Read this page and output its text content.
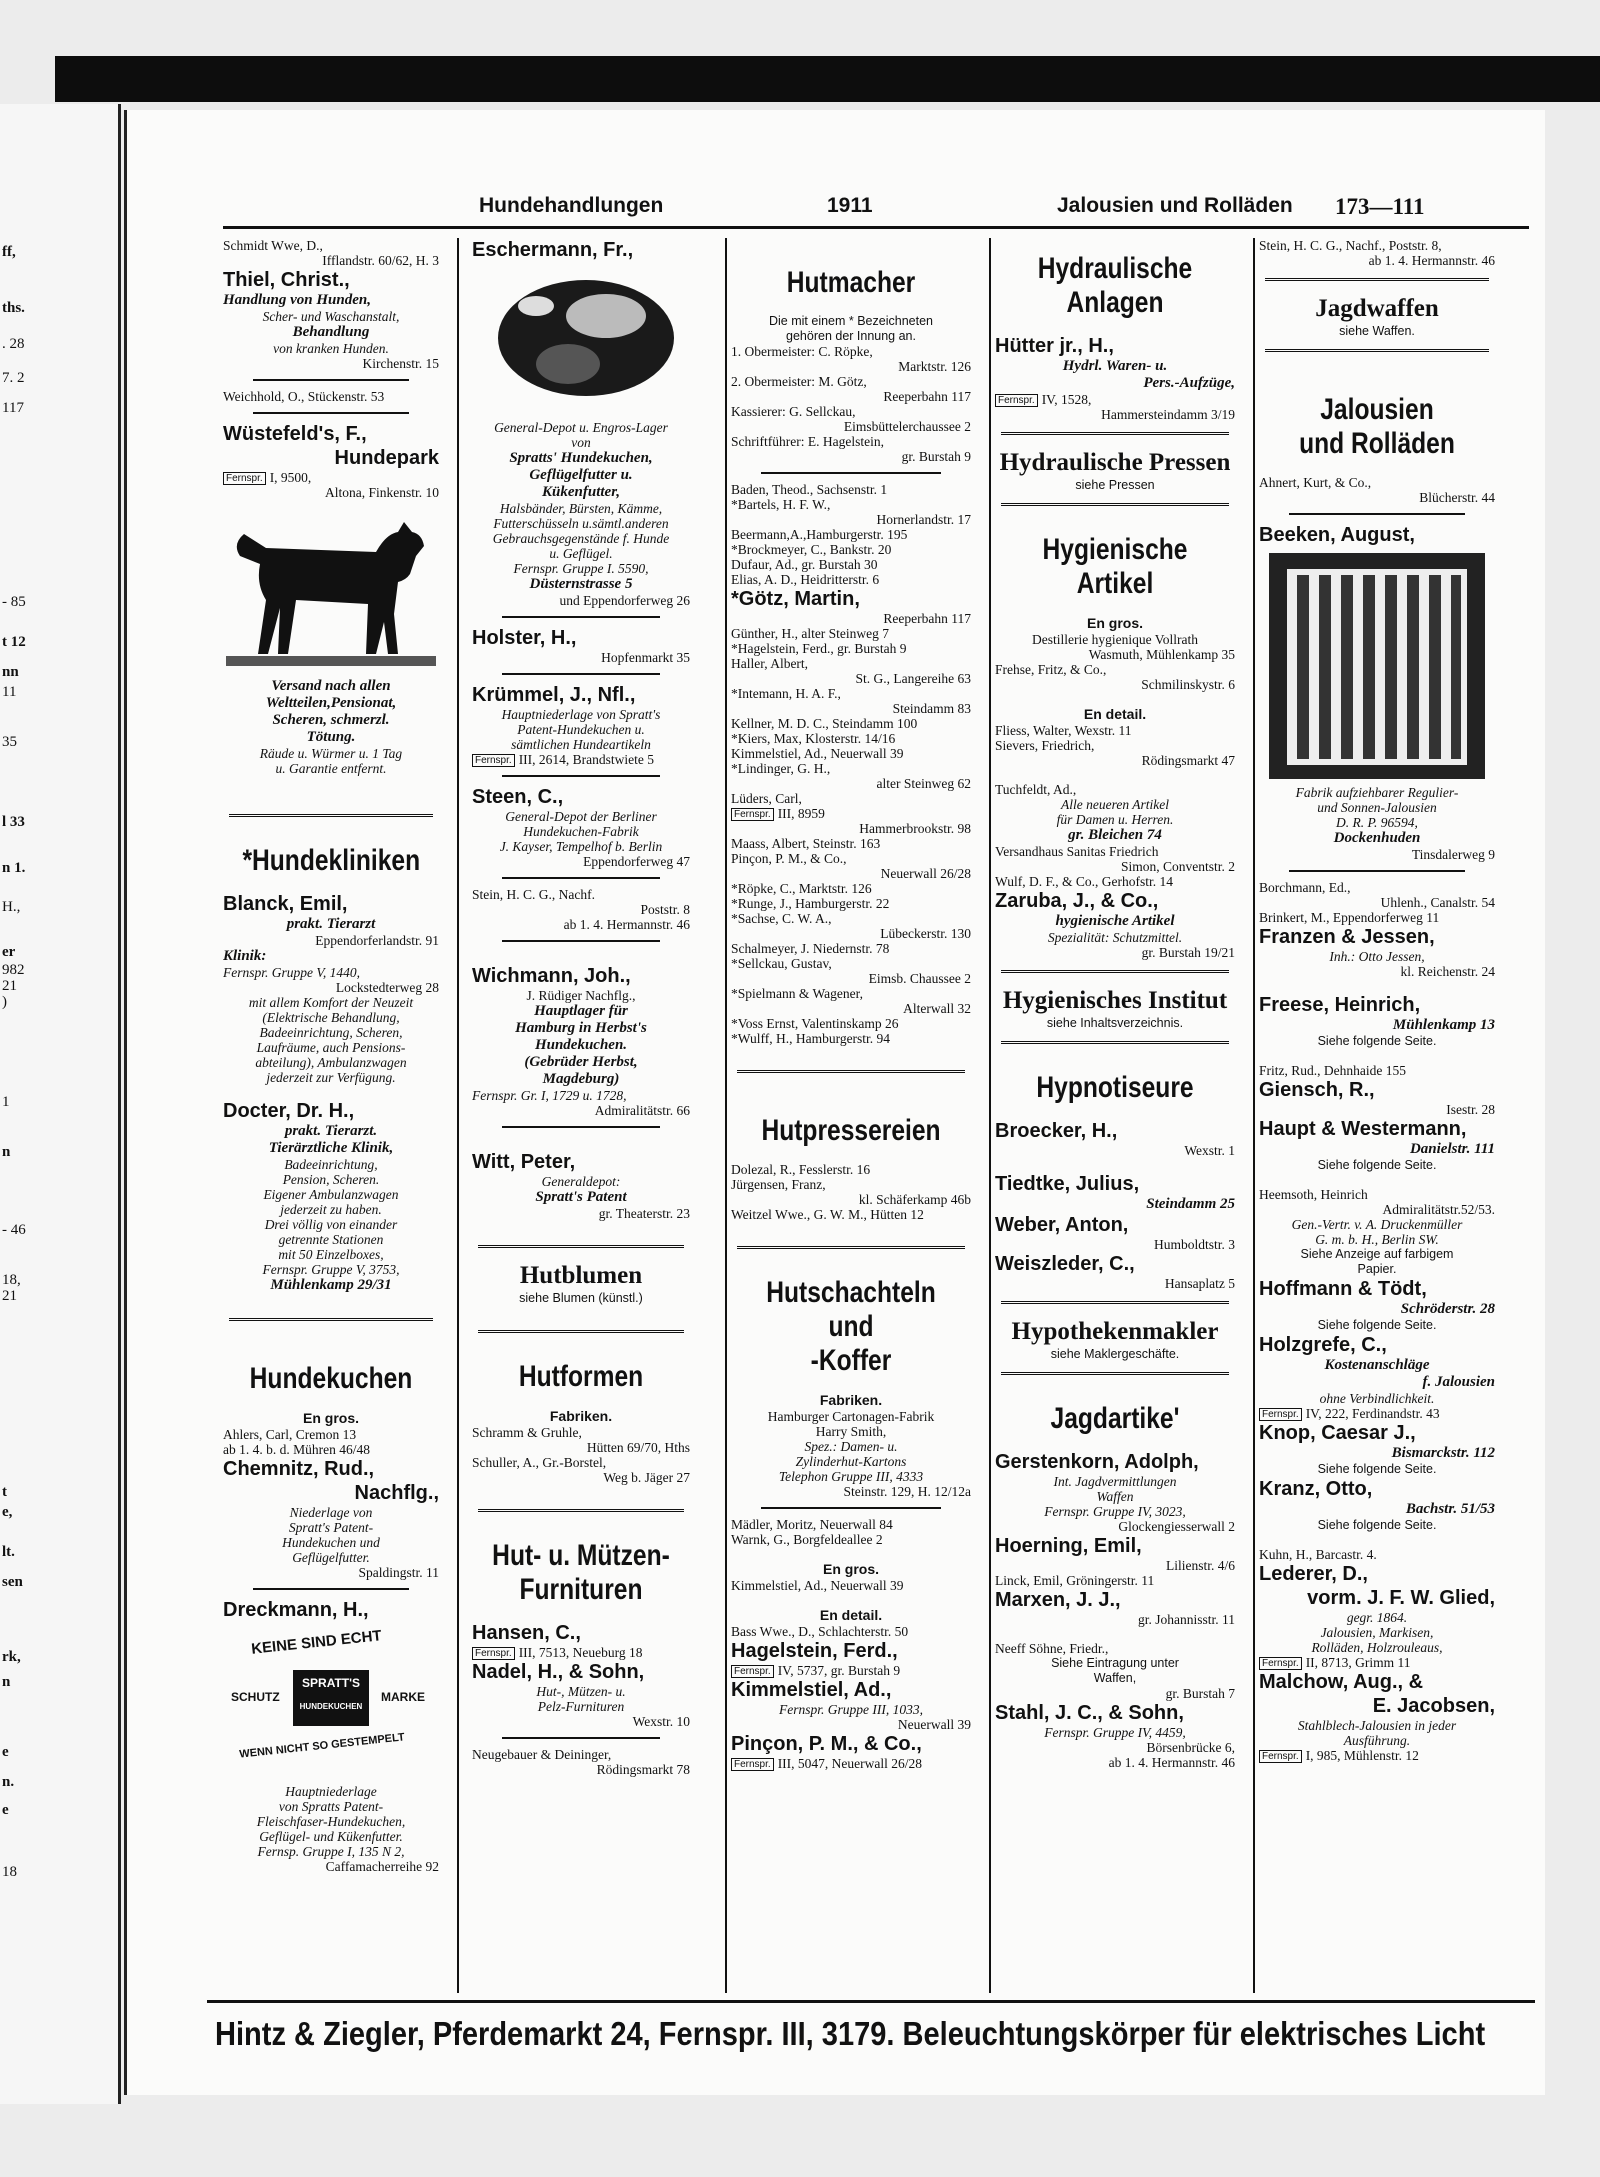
ff,
ths.
. 28
7. 2
117
- 85
t 12
nn
11
35
l 33
n 1.
H.,
er
982
21
)
1
n
- 46
18,
21
t
e,
lt.
sen
rk,
n
e
n.
e
18
Hundehandlungen	1911	Jalousien und Rolläden 173—111
Schmidt Wwe, D.,
Ifflandstr. 60/62, H. 3
Thiel, Christ.,
Handlung von Hunden,
Scher- und Waschanstalt,
Behandlung
von kranken Hunden.
Kirchenstr. 15
Weichhold, O., Stückenstr. 53
Wüstefeld's, F.,
Hundepark
Fernspr. I, 9500,
Altona, Finkenstr. 10
Versand nach allen
Weltteilen,Pensionat,
Scheren, schmerzl.
Tötung.
Räude u. Würmer u. 1 Tag
u. Garantie entfernt.
*Hundekliniken
Blanck, Emil,
prakt. Tierarzt
Eppendorferlandstr. 91
Klinik:
Fernspr. Gruppe V, 1440,
Lockstedterweg 28
mit allem Komfort der Neuzeit
(Elektrische Behandlung,
Badeeinrichtung, Scheren,
Laufräume, auch Pensions-
abteilung), Ambulanzwagen
jederzeit zur Verfügung.
Docter, Dr. H.,
prakt. Tierarzt.
Tierärztliche Klinik,
Badeeinrichtung,
Pension, Scheren.
Eigener Ambulanzwagen
jederzeit zu haben.
Drei völlig von einander
getrennte Stationen
mit 50 Einzelboxes,
Fernspr. Gruppe V, 3753,
Mühlenkamp 29/31
Hundekuchen
En gros.
Ahlers, Carl, Cremon 13
ab 1. 4. b. d. Mühren 46/48
Chemnitz, Rud.,
Nachflg.,
Niederlage von
Spratt's Patent-
Hundekuchen und
Geflügelfutter.
Spaldingstr. 11
Dreckmann, H.,
KEINE SIND ECHT
SCHUTZ
SPRATT'S
MARKE
WENN NICHT SO GESTEMPELT
HUNDEKUCHEN
Hauptniederlage
von Spratts Patent-
Fleischfaser-Hundekuchen,
Geflügel- und Kükenfutter.
Fernsp. Gruppe I, 135 N 2,
Caffamacherreihe 92
Eschermann, Fr.,
General-Depot u. Engros-Lager
von
Spratts' Hundekuchen,
Geflügelfutter u.
Kükenfutter,
Halsbänder, Bürsten, Kämme,
Futterschüsseln u.sämtl.anderen
Gebrauchsgegenstände f. Hunde
u. Geflügel.
Fernspr. Gruppe I. 5590,
Düsternstrasse 5
und Eppendorferweg 26
Holster, H.,
Hopfenmarkt 35
Krümmel, J., Nfl.,
Hauptniederlage von Spratt's
Patent-Hundekuchen u.
sämtlichen Hundeartikeln
Fernspr. III, 2614, Brandstwiete 5
Steen, C.,
General-Depot der Berliner
Hundekuchen-Fabrik
J. Kayser, Tempelhof b. Berlin
Eppendorferweg 47
Stein, H. C. G., Nachf.
Poststr. 8
ab 1. 4. Hermannstr. 46
Wichmann, Joh.,
J. Rüdiger Nachflg.,
Hauptlager für
Hamburg in Herbst's
Hundekuchen.
(Gebrüder Herbst,
Magdeburg)
Fernspr. Gr. I, 1729 u. 1728,
Admiralitätstr. 66
Witt, Peter,
Generaldepot:
Spratt's Patent
gr. Theaterstr. 23
Hutblumen
siehe Blumen (künstl.)
Hutformen
Fabriken.
Schramm & Gruhle,
Hütten 69/70, Hths
Schuller, A., Gr.-Borstel,
Weg b. Jäger 27
Hut- u. Mützen-
Furnituren
Hansen, C.,
Fernspr. III, 7513, Neueburg 18
Nadel, H., & Sohn,
Hut-, Mützen- u.
Pelz-Furnituren
Wexstr. 10
Neugebauer & Deininger,
Rödingsmarkt 78
Hutmacher
Die mit einem * Bezeichneten
gehören der Innung an.
1. Obermeister: C. Röpke,
Marktstr. 126
2. Obermeister: M. Götz,
Reeperbahn 117
Kassierer: G. Sellckau,
Eimsbüttelerchaussee 2
Schriftführer: E. Hagelstein,
gr. Burstah 9
Baden, Theod., Sachsenstr. 1
*Bartels, H. F. W.,
Hornerlandstr. 17
Beermann,A.,Hamburgerstr. 195
*Brockmeyer, C., Bankstr. 20
Dufaur, Ad., gr. Burstah 30
Elias, A. D., Heidritterstr. 6
*Götz, Martin,
Reeperbahn 117
Günther, H., alter Steinweg 7
*Hagelstein, Ferd., gr. Burstah 9
Haller, Albert,
St. G., Langereihe 63
*Intemann, H. A. F.,
Steindamm 83
Kellner, M. D. C., Steindamm 100
*Kiers, Max, Klosterstr. 14/16
Kimmelstiel, Ad., Neuerwall 39
*Lindinger, G. H.,
alter Steinweg 62
Lüders, Carl,
Fernspr. III, 8959
Hammerbrookstr. 98
Maass, Albert, Steinstr. 163
Pinçon, P. M., & Co.,
Neuerwall 26/28
*Röpke, C., Marktstr. 126
*Runge, J., Hamburgerstr. 22
*Sachse, C. W. A.,
Lübeckerstr. 130
Schalmeyer, J. Niedernstr. 78
*Sellckau, Gustav,
Eimsb. Chaussee 2
*Spielmann & Wagener,
Alterwall 32
*Voss Ernst, Valentinskamp 26
*Wulff, H., Hamburgerstr. 94
Hutpressereien
Dolezal, R., Fesslerstr. 16
Jürgensen, Franz,
kl. Schäferkamp 46b
Weitzel Wwe., G. W. M., Hütten 12
Hutschachteln und
-Koffer
Fabriken.
Hamburger Cartonagen-Fabrik
Harry Smith,
Spez.: Damen- u.
Zylinderhut-Kartons
Telephon Gruppe III, 4333
Steinstr. 129, H. 12/12a
Mädler, Moritz, Neuerwall 84
Warnk, G., Borgfeldeallee 2
En gros.
Kimmelstiel, Ad., Neuerwall 39
En detail.
Bass Wwe., D., Schlachterstr. 50
Hagelstein, Ferd.,
Fernspr. IV, 5737, gr. Burstah 9
Kimmelstiel, Ad.,
Fernspr. Gruppe III, 1033,
Neuerwall 39
Pinçon, P. M., & Co.,
Fernspr. III, 5047, Neuerwall 26/28
Hydraulische
Anlagen
Hütter jr., H.,
Hydrl. Waren- u.
Pers.-Aufzüge,
Fernspr. IV, 1528,
Hammersteindamm 3/19
Hydraulische Pressen
siehe Pressen
Hygienische Artikel
En gros.
Destillerie hygienique Vollrath
Wasmuth, Mühlenkamp 35
Frehse, Fritz, & Co.,
Schmilinskystr. 6
En detail.
Fliess, Walter, Wexstr. 11
Sievers, Friedrich,
Rödingsmarkt 47
Tuchfeldt, Ad.,
Alle neueren Artikel
für Damen u. Herren.
gr. Bleichen 74
Versandhaus Sanitas Friedrich
Simon, Conventstr. 2
Wulf, D. F., & Co., Gerhofstr. 14
Zaruba, J., & Co.,
hygienische Artikel
Spezialität: Schutzmittel.
gr. Burstah 19/21
Hygienisches Institut
siehe Inhaltsverzeichnis.
Hypnotiseure
Broecker, H.,
Wexstr. 1
Tiedtke, Julius,
Steindamm 25
Weber, Anton,
Humboldtstr. 3
Weiszleder, C.,
Hansaplatz 5
Hypothekenmakler
siehe Maklergeschäfte.
Jagdartike'
Gerstenkorn, Adolph,
Int. Jagdvermittlungen
Waffen
Fernspr. Gruppe IV, 3023,
Glockengiesserwall 2
Hoerning, Emil,
Lilienstr. 4/6
Linck, Emil, Gröningerstr. 11
Marxen, J. J.,
gr. Johannisstr. 11
Neeff Söhne, Friedr.,
Siehe Eintragung unter
Waffen,
gr. Burstah 7
Stahl, J. C., & Sohn,
Fernspr. Gruppe IV, 4459,
Börsenbrücke 6,
ab 1. 4. Hermannstr. 46
Stein, H. C. G., Nachf., Poststr. 8,
ab 1. 4. Hermannstr. 46
Jagdwaffen
siehe Waffen.
Jalousien
und Rolläden
Ahnert, Kurt, & Co.,
Blücherstr. 44
Beeken, August,
Fabrik aufziehbarer Regulier-
und Sonnen-Jalousien
D. R. P. 96594,
Dockenhuden
Tinsdalerweg 9
Borchmann, Ed.,
Uhlenh., Canalstr. 54
Brinkert, M., Eppendorferweg 11
Franzen & Jessen,
Inh.: Otto Jessen,
kl. Reichenstr. 24
Freese, Heinrich,
Mühlenkamp 13
Siehe folgende Seite.
Fritz, Rud., Dehnhaide 155
Giensch, R.,
Isestr. 28
Haupt & Westermann,
Danielstr. 111
Siehe folgende Seite.
Heemsoth, Heinrich
Admiralitätstr.52/53.
Gen.-Vertr. v. A. Druckenmüller
G. m. b. H., Berlin SW.
Siehe Anzeige auf farbigem
Papier.
Hoffmann & Tödt,
Schröderstr. 28
Siehe folgende Seite.
Holzgrefe, C.,
Kostenanschläge
f. Jalousien
ohne Verbindlichkeit.
Fernspr. IV, 222, Ferdinandstr. 43
Knop, Caesar J.,
Bismarckstr. 112
Siehe folgende Seite.
Kranz, Otto,
Bachstr. 51/53
Siehe folgende Seite.
Kuhn, H., Barcastr. 4.
Lederer, D.,
vorm. J. F. W. Glied,
gegr. 1864.
Jalousien, Markisen,
Rolläden, Holzrouleaus,
Fernspr. II, 8713, Grimm 11
Malchow, Aug., &
E. Jacobsen,
Stahlblech-Jalousien in jeder
Ausführung.
Fernspr. I, 985, Mühlenstr. 12
Hintz & Ziegler, Pferdemarkt 24, Fernspr. III, 3179. Beleuchtungskörper für elektrisches Licht
